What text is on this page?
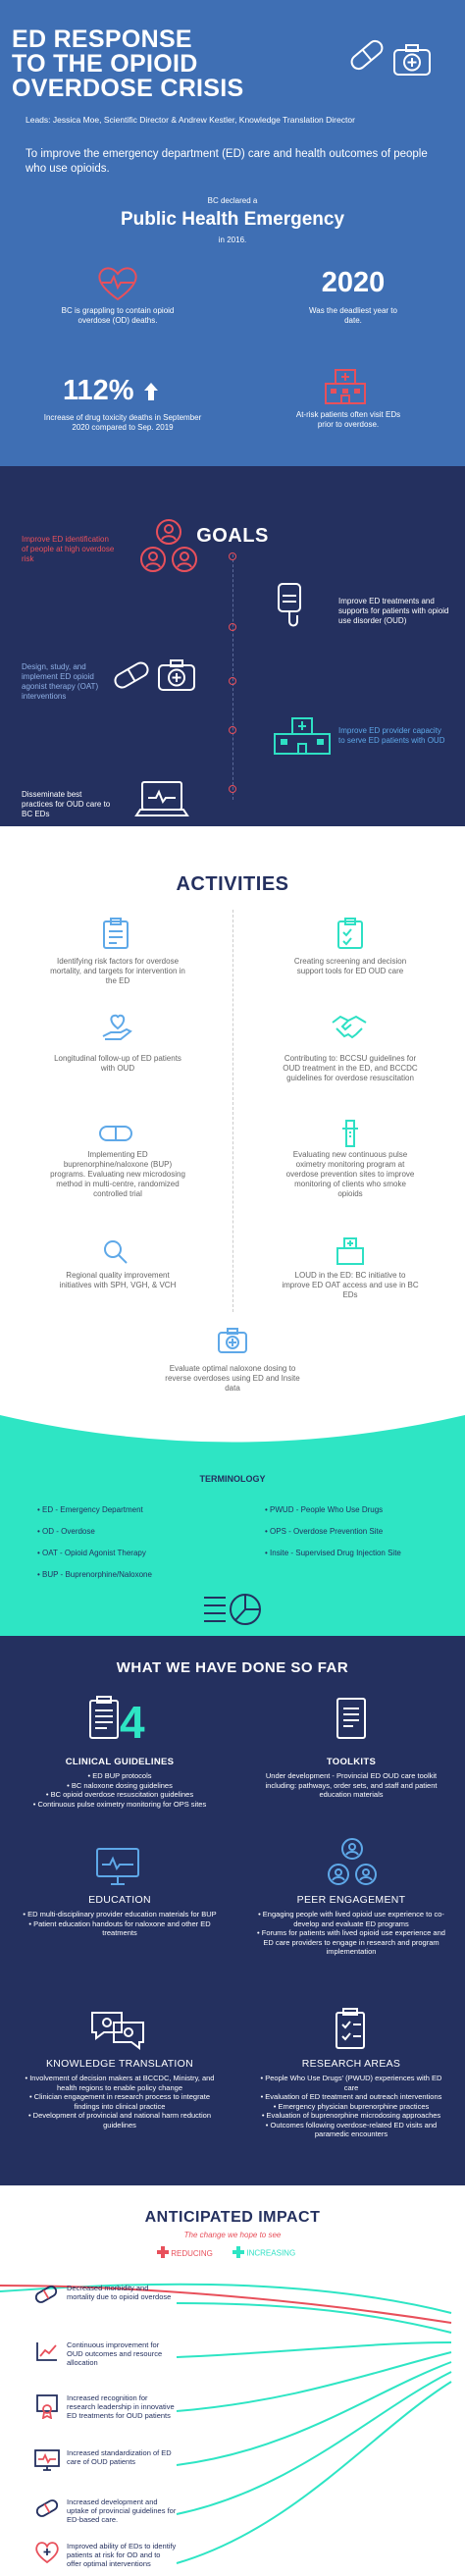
ED RESPONSE
TO THE OPIOID
OVERDOSE CRISIS
Leads: Jessica Moe, Scientific Director & Andrew Kestler, Knowledge Translation Director
To improve the emergency department (ED) care and health outcomes of people who use opioids.
BC declared a
Public Health Emergency
in 2016.
BC is grappling to contain opioid overdose (OD) deaths.
2020
Was the deadliest year to date.
112%
Increase of drug toxicity deaths in September 2020 compared to Sep. 2019
At-risk patients often visit EDs prior to overdose.
GOALS
Improve ED identification of people at high overdose risk
Improve ED treatments and supports for patients with opioid use disorder (OUD)
Design, study, and implement ED opioid agonist therapy (OAT) interventions
Improve ED provider capacity to serve ED patients with OUD
Disseminate best practices for OUD care to BC EDs
ACTIVITIES
Identifying risk factors for overdose mortality, and targets for intervention in the ED
Creating screening and decision support tools for ED OUD care
Longitudinal follow-up of ED patients with OUD
Contributing to: BCCSU guidelines for OUD treatment in the ED, and BCCDC guidelines for overdose resuscitation
Implementing ED buprenorphine/naloxone (BUP) programs. Evaluating new microdosing method in multi-centre, randomized controlled trial
Evaluating new continuous pulse oximetry monitoring program at overdose prevention sites to improve monitoring of clients who smoke opioids
Regional quality improvement initiatives with SPH, VGH, & VCH
LOUD in the ED: BC initiative to improve ED OAT access and use in BC EDs
Evaluate optimal naloxone dosing to reverse overdoses using ED and Insite data
TERMINOLOGY
• ED - Emergency Department
• OD - Overdose
• OAT - Opioid Agonist Therapy
• BUP - Buprenorphine/Naloxone
• PWUD - People Who Use Drugs
• OPS - Overdose Prevention Site
• Insite - Supervised Drug Injection Site
WHAT WE HAVE DONE SO FAR
4
CLINICAL GUIDELINES
• ED BUP protocols
• BC naloxone dosing guidelines
• BC opioid overdose resuscitation guidelines
• Continuous pulse oximetry monitoring for OPS sites
TOOLKITS
Under development - Provincial ED OUD care toolkit including: pathways, order sets, and staff and patient education materials
EDUCATION
• ED multi-disciplinary provider education materials for BUP
• Patient education handouts for naloxone and other ED treatments
PEER ENGAGEMENT
• Engaging people with lived opioid use experience to co-develop and evaluate ED programs
• Forums for patients with lived opioid use experience and ED care providers to engage in research and program implementation
KNOWLEDGE TRANSLATION
• Involvement of decision makers at BCCDC, Ministry, and health regions to enable policy change
• Clinician engagement in research process to integrate findings into clinical practice
• Development of provincial and national harm reduction guidelines
RESEARCH AREAS
• People Who Use Drugs' (PWUD) experiences with ED care
• Evaluation of ED treatment and outreach interventions
• Emergency physician buprenorphine practices
• Evaluation of buprenorphine microdosing approaches
• Outcomes following overdose-related ED visits and paramedic encounters
ANTICIPATED IMPACT
The change we hope to see
REDUCING	INCREASING
Decreased morbidity and mortality due to opioid overdose
Continuous improvement for OUD outcomes and resource allocation
Increased recognition for research leadership in innovative ED treatments for OUD patients
Increased standardization of ED care of OUD patients
Increased development and uptake of provincial guidelines for ED-based care.
Improved ability of EDs to identify patients at risk for OD and to offer optimal interventions
